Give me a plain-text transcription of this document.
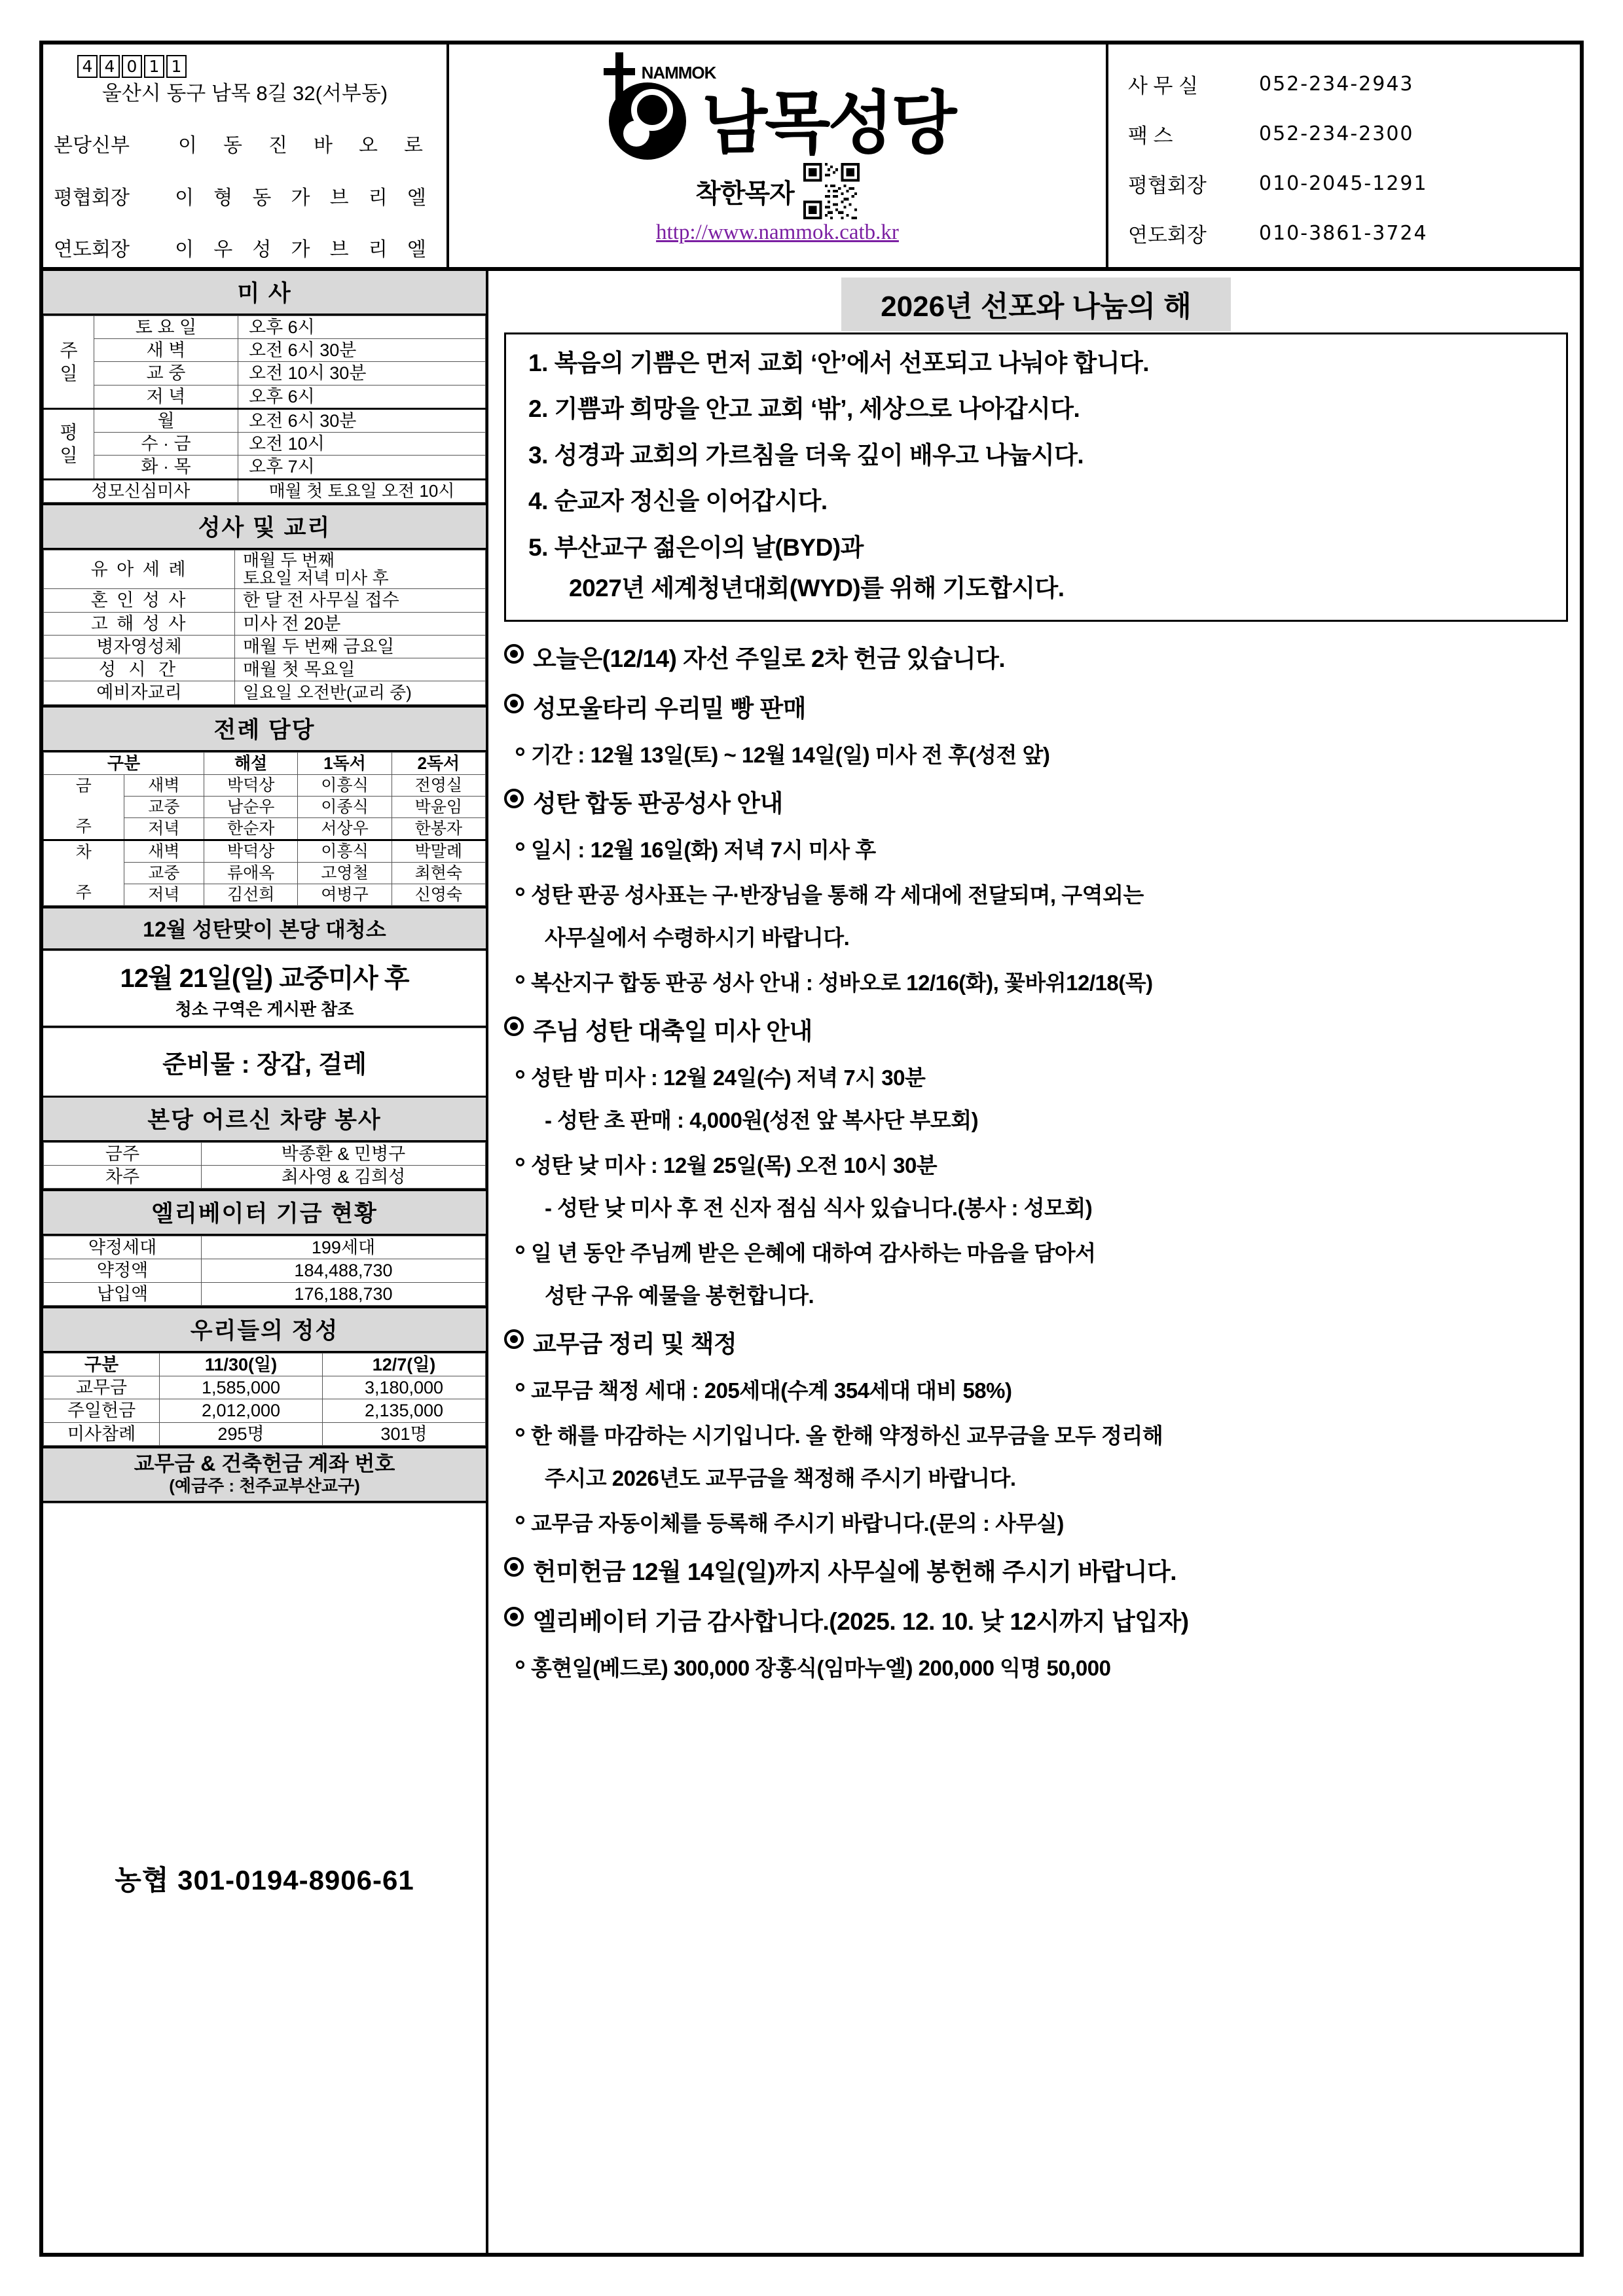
4 4 0 1 1
울산시 동구 남목 8길 32(서부동)
본당신부	이 동 진 바 오 로
평협회장	이 형 동 가 브 리 엘
연도회장	이 우 성 가 브 리 엘
NAMMOK
남목성당
착한목자
http://www.nammok.catb.kr
사 무 실	052-234-2943
팩 스	052-234-2300
평협회장	010-2045-1291
연도회장	010-3861-3724
미 사
주
일	토 요 일	오후 6시
	새 벽	오전 6시 30분
	교 중	오전 10시 30분
	저 녁	오후 6시

평
일	월	오전 6시 30분
	수 · 금	오전 10시
	화 · 목	오후 7시
성모신심미사		매월 첫 토요일 오전 10시
성사 및 교리
유 아 세 례	매월 두 번째
토요일 저녁 미사 후
혼 인 성 사	한 달 전 사무실 접수
고 해 성 사	미사 전 20분
병자영성체	매월 두 번째 금요일
성 시 간	매월 첫 목요일
예비자교리	일요일 오전반(교리 중)
전례 담당
구분		해설	1독서	2독서

금

주	새벽	박덕상	이흥식	전영실
	교중	남순우	이종식	박윤임
	저녁	한순자	서상우	한봉자

차

주	새벽	박덕상	이흥식	박말례
	교중	류애옥	고영철	최현숙
	저녁	김선희	여병구	신영숙
12월 성탄맞이 본당 대청소
12월 21일(일) 교중미사 후
청소 구역은 게시판 참조
준비물 : 장갑, 걸레
본당 어르신 차량 봉사
금주	박종환 & 민병구
차주	최사영 & 김희성
엘리베이터 기금 현황
약정세대	199세대
약정액	184,488,730
납입액	176,188,730
우리들의 정성
구분	11/30(일)	12/7(일)
교무금	1,585,000	3,180,000
주일헌금	2,012,000	2,135,000
미사참례	295명	301명
교무금 & 건축헌금 계좌 번호
(예금주 : 천주교부산교구)
농협 301-0194-8906-61
2026년 선포와 나눔의 해
1. 복음의 기쁨은 먼저 교회 ‘안’에서 선포되고 나눠야 합니다.
2. 기쁨과 희망을 안고 교회 ‘밖’, 세상으로 나아갑시다.
3. 성경과 교회의 가르침을 더욱 깊이 배우고 나눕시다.
4. 순교자 정신을 이어갑시다.
5. 부산교구 젊은이의 날(BYD)과
2027년 세계청년대회(WYD)를 위해 기도합시다.
오늘은(12/14) 자선 주일로 2차 헌금 있습니다.
성모울타리 우리밀 빵 판매
기간 : 12월 13일(토) ~ 12월 14일(일) 미사 전 후(성전 앞)
성탄 합동 판공성사 안내
일시 : 12월 16일(화) 저녁 7시 미사 후
성탄 판공 성사표는 구·반장님을 통해 각 세대에 전달되며, 구역외는
사무실에서 수령하시기 바랍니다.
복산지구 합동 판공 성사 안내 : 성바오로 12/16(화), 꽃바위12/18(목)
주님 성탄 대축일 미사 안내
성탄 밤 미사 : 12월 24일(수) 저녁 7시 30분
- 성탄 초 판매 : 4,000원(성전 앞 복사단 부모회)
성탄 낮 미사 : 12월 25일(목) 오전 10시 30분
- 성탄 낮 미사 후 전 신자 점심 식사 있습니다.(봉사 : 성모회)
일 년 동안 주님께 받은 은혜에 대하여 감사하는 마음을 담아서
성탄 구유 예물을 봉헌합니다.
교무금 정리 및 책정
교무금 책정 세대 : 205세대(수계 354세대 대비 58%)
한 해를 마감하는 시기입니다. 올 한해 약정하신 교무금을 모두 정리해
주시고 2026년도 교무금을 책정해 주시기 바랍니다.
교무금 자동이체를 등록해 주시기 바랍니다.(문의 : 사무실)
헌미헌금 12월 14일(일)까지 사무실에 봉헌해 주시기 바랍니다.
엘리베이터 기금 감사합니다.(2025. 12. 10. 낮 12시까지 납입자)
홍현일(베드로) 300,000 장홍식(임마누엘) 200,000 익명 50,000
